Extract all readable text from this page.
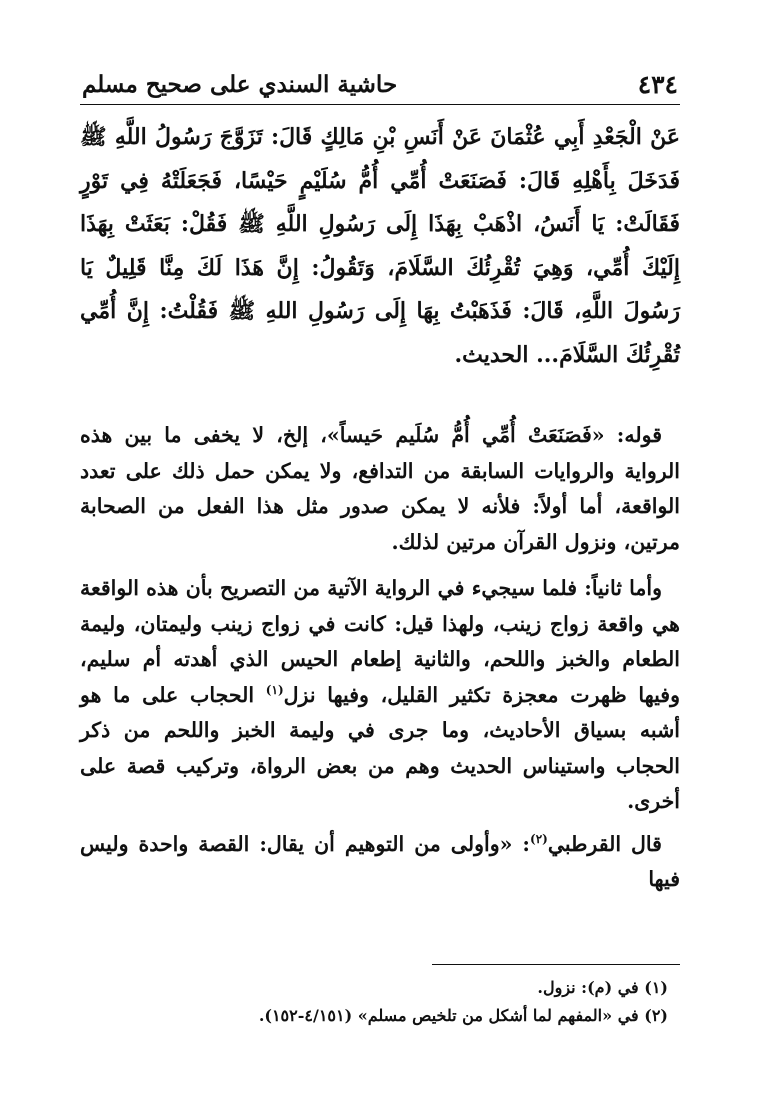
٤٣٤
حاشية السندي على صحيح مسلم
عَنْ الْجَعْدِ أَبِي عُثْمَانَ عَنْ أَنَسِ بْنِ مَالِكٍ قَالَ: تَزَوَّجَ رَسُولُ اللَّهِ ﷺ فَدَخَلَ بِأَهْلِهِ قَالَ: فَصَنَعَتْ أُمِّي أُمُّ سُلَيْمٍ حَيْسًا، فَجَعَلَتْهُ فِي تَوْرٍ فَقَالَتْ: يَا أَنَسُ، اذْهَبْ بِهَذَا إِلَى رَسُولِ اللَّهِ ﷺ فَقُلْ: بَعَثَتْ بِهَذَا إِلَيْكَ أُمِّي، وَهِيَ تُقْرِئُكَ السَّلَامَ، وَتَقُولُ: إِنَّ هَذَا لَكَ مِنَّا قَلِيلٌ يَا رَسُولَ اللَّهِ، قَالَ: فَذَهَبْتُ بِهَا إِلَى رَسُولِ اللهِ ﷺ فَقُلْتُ: إِنَّ أُمِّي تُقْرِئُكَ السَّلَامَ... الحديث.

قوله: «فَصَنَعَتْ أُمِّي أُمُّ سُلَيم حَيساً»، إلخ، لا يخفى ما بين هذه الرواية والروايات السابقة من التدافع، ولا يمكن حمل ذلك على تعدد الواقعة، أما أولاً: فلأنه لا يمكن صدور مثل هذا الفعل من الصحابة مرتين، ونزول القرآن مرتين لذلك.

وأما ثانياً: فلما سيجيء في الرواية الآتية من التصريح بأن هذه الواقعة هي واقعة زواج زينب، ولهذا قيل: كانت في زواج زينب وليمتان، وليمة الطعام والخبز واللحم، والثانية إطعام الحيس الذي أهدته أم سليم، وفيها ظهرت معجزة تكثير القليل، وفيها نزل$^{(١)}$ الحجاب على ما هو أشبه بسياق الأحاديث، وما جرى في وليمة الخبز واللحم من ذكر الحجاب واستيناس الحديث وهم من بعض الرواة، وتركيب قصة على أخرى.

قال القرطبي$^{(٢)}$: «وأولى من التوهيم أن يقال: القصة واحدة وليس فيها

(١) في (م): نزول.
(٢) في «المفهم لما أشكل من تلخيص مسلم» (٤/١٥١-١٥٢).
